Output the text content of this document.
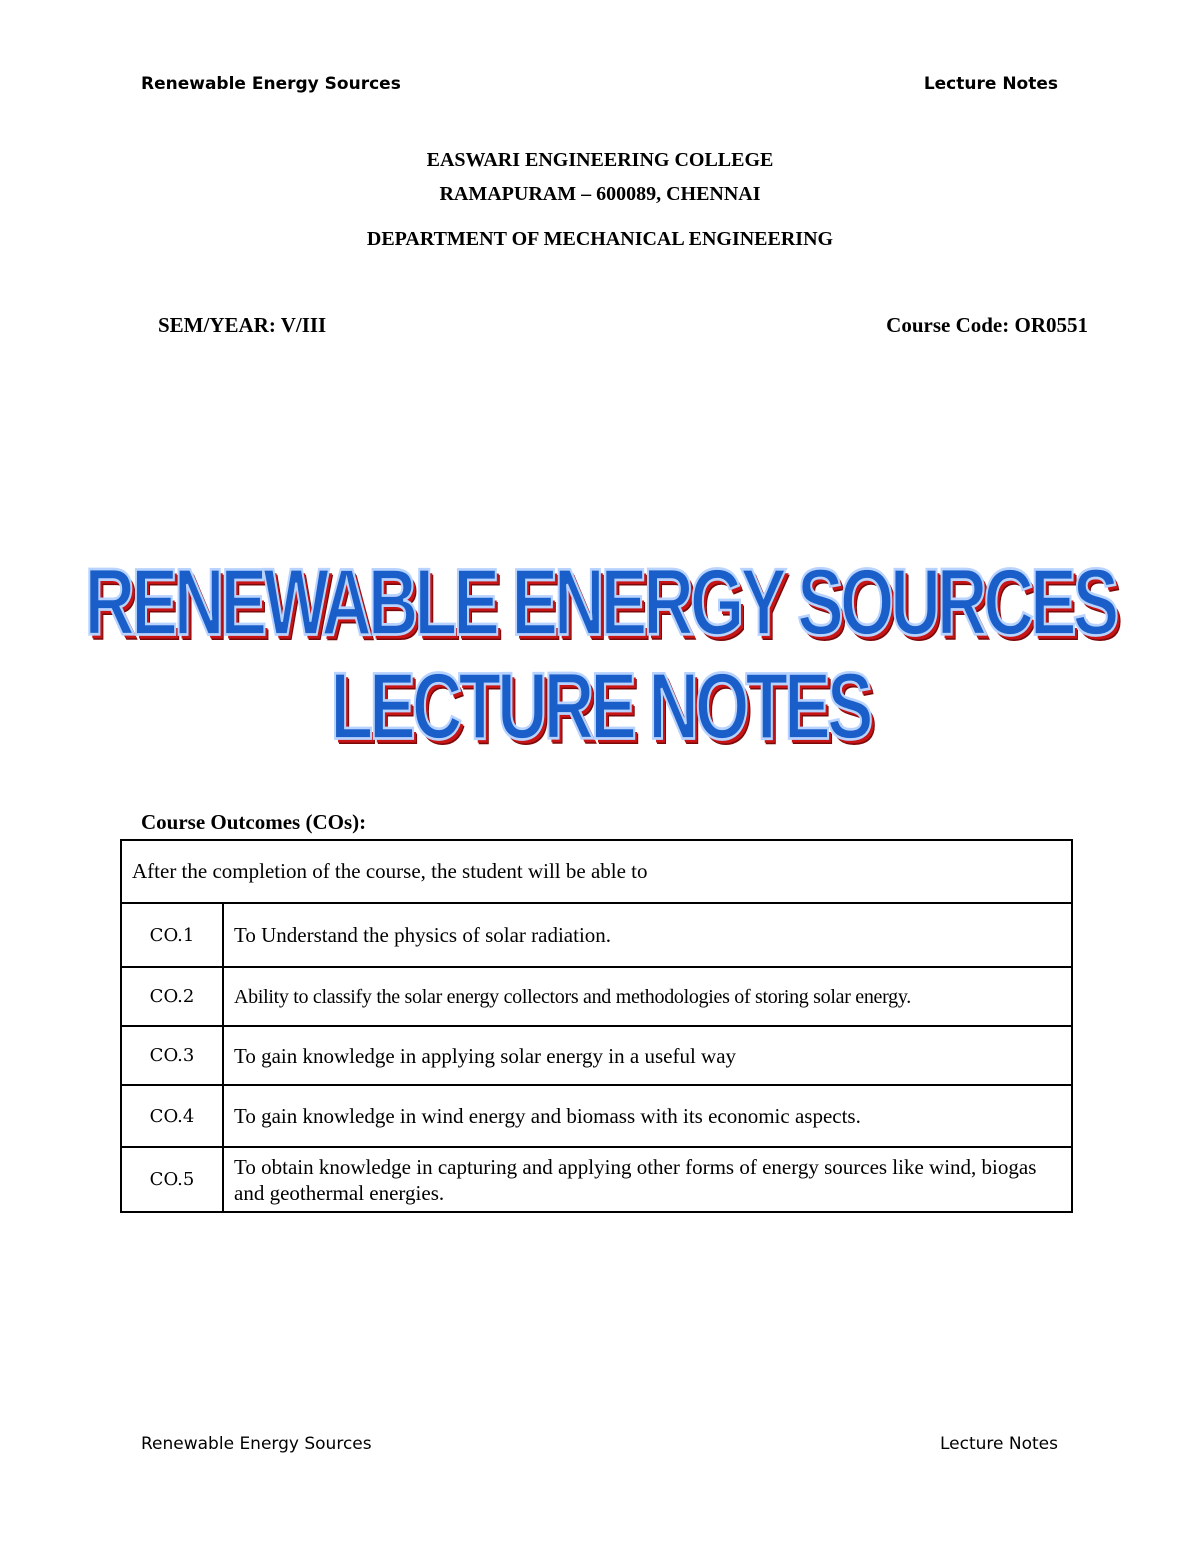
Renewable Energy Sources	Lecture Notes
EASWARI ENGINEERING COLLEGE
RAMAPURAM – 600089, CHENNAI
DEPARTMENT OF MECHANICAL ENGINEERING
SEM/YEAR: V/III	Course Code: OR0551
RENEWABLE ENERGY SOURCES
LECTURE NOTES
Course Outcomes (COs):
After the completion of the course, the student will be able to	
CO.1	To Understand the physics of solar radiation.
CO.2	Ability to classify the solar energy collectors and methodologies of storing solar energy.
CO.3	To gain knowledge in applying solar energy in a useful way
CO.4	To gain knowledge in wind energy and biomass with its economic aspects.
CO.5	To obtain knowledge in capturing and applying other forms of energy sources like wind, biogas and geothermal energies.
Renewable Energy Sources	Lecture Notes
